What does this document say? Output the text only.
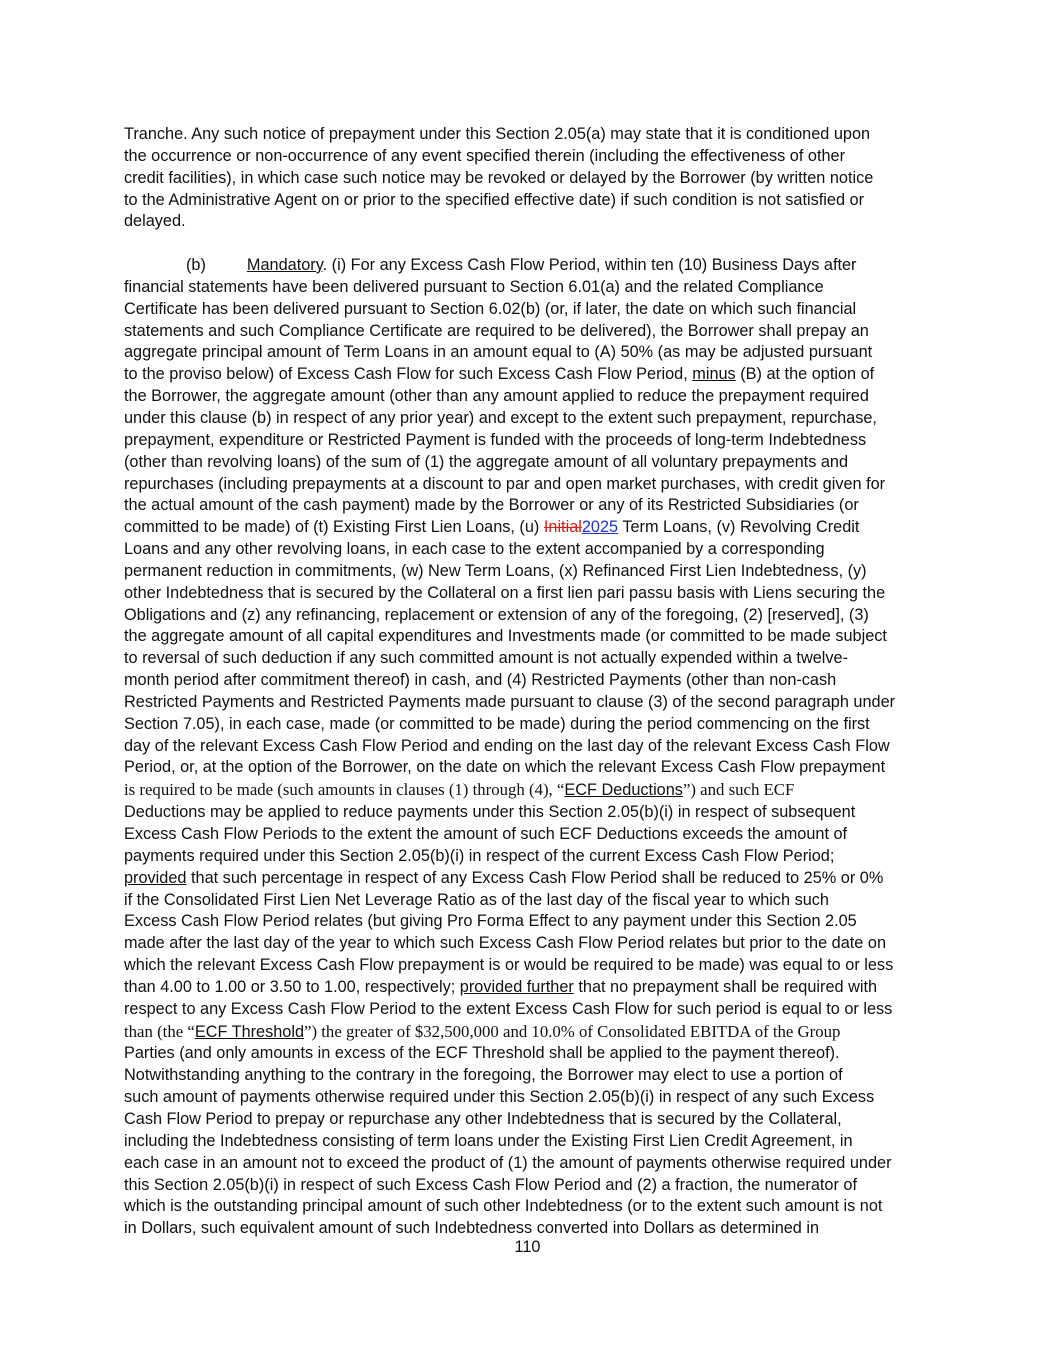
Tranche. Any such notice of prepayment under this Section 2.05(a) may state that it is conditioned upon
the occurrence or non-occurrence of any event specified therein (including the effectiveness of other
credit facilities), in which case such notice may be revoked or delayed by the Borrower (by written notice
to the Administrative Agent on or prior to the specified effective date) if such condition is not satisfied or
delayed.

(b)	Mandatory. (i) For any Excess Cash Flow Period, within ten (10) Business Days after
financial statements have been delivered pursuant to Section 6.01(a) and the related Compliance
Certificate has been delivered pursuant to Section 6.02(b) (or, if later, the date on which such financial
statements and such Compliance Certificate are required to be delivered), the Borrower shall prepay an
aggregate principal amount of Term Loans in an amount equal to (A) 50% (as may be adjusted pursuant
to the proviso below) of Excess Cash Flow for such Excess Cash Flow Period, minus (B) at the option of
the Borrower, the aggregate amount (other than any amount applied to reduce the prepayment required
under this clause (b) in respect of any prior year) and except to the extent such prepayment, repurchase,
prepayment, expenditure or Restricted Payment is funded with the proceeds of long-term Indebtedness
(other than revolving loans) of the sum of (1) the aggregate amount of all voluntary prepayments and
repurchases (including prepayments at a discount to par and open market purchases, with credit given for
the actual amount of the cash payment) made by the Borrower or any of its Restricted Subsidiaries (or
committed to be made) of (t) Existing First Lien Loans, (u) Initial2025 Term Loans, (v) Revolving Credit
Loans and any other revolving loans, in each case to the extent accompanied by a corresponding
permanent reduction in commitments, (w) New Term Loans, (x) Refinanced First Lien Indebtedness, (y)
other Indebtedness that is secured by the Collateral on a first lien pari passu basis with Liens securing the
Obligations and (z) any refinancing, replacement or extension of any of the foregoing, (2) [reserved], (3)
the aggregate amount of all capital expenditures and Investments made (or committed to be made subject
to reversal of such deduction if any such committed amount is not actually expended within a twelve-
month period after commitment thereof) in cash, and (4) Restricted Payments (other than non-cash
Restricted Payments and Restricted Payments made pursuant to clause (3) of the second paragraph under
Section 7.05), in each case, made (or committed to be made) during the period commencing on the first
day of the relevant Excess Cash Flow Period and ending on the last day of the relevant Excess Cash Flow
Period, or, at the option of the Borrower, on the date on which the relevant Excess Cash Flow prepayment
is required to be made (such amounts in clauses (1) through (4), “ECF Deductions”) and such ECF
Deductions may be applied to reduce payments under this Section 2.05(b)(i) in respect of subsequent
Excess Cash Flow Periods to the extent the amount of such ECF Deductions exceeds the amount of
payments required under this Section 2.05(b)(i) in respect of the current Excess Cash Flow Period;
provided that such percentage in respect of any Excess Cash Flow Period shall be reduced to 25% or 0%
if the Consolidated First Lien Net Leverage Ratio as of the last day of the fiscal year to which such
Excess Cash Flow Period relates (but giving Pro Forma Effect to any payment under this Section 2.05
made after the last day of the year to which such Excess Cash Flow Period relates but prior to the date on
which the relevant Excess Cash Flow prepayment is or would be required to be made) was equal to or less
than 4.00 to 1.00 or 3.50 to 1.00, respectively; provided further that no prepayment shall be required with
respect to any Excess Cash Flow Period to the extent Excess Cash Flow for such period is equal to or less
than (the “ECF Threshold”) the greater of $32,500,000 and 10.0% of Consolidated EBITDA of the Group
Parties (and only amounts in excess of the ECF Threshold shall be applied to the payment thereof).
Notwithstanding anything to the contrary in the foregoing, the Borrower may elect to use a portion of
such amount of payments otherwise required under this Section 2.05(b)(i) in respect of any such Excess
Cash Flow Period to prepay or repurchase any other Indebtedness that is secured by the Collateral,
including the Indebtedness consisting of term loans under the Existing First Lien Credit Agreement, in
each case in an amount not to exceed the product of (1) the amount of payments otherwise required under
this Section 2.05(b)(i) in respect of such Excess Cash Flow Period and (2) a fraction, the numerator of
which is the outstanding principal amount of such other Indebtedness (or to the extent such amount is not
in Dollars, such equivalent amount of such Indebtedness converted into Dollars as determined in

110
